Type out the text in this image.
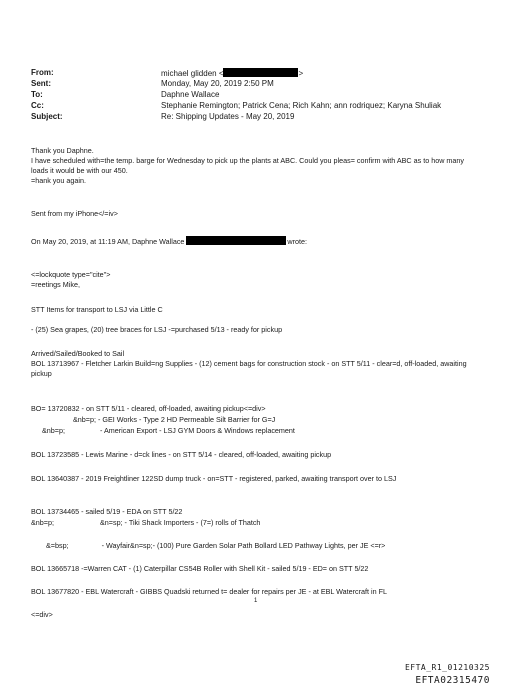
From:	michael glidden <	>
Sent:	Monday, May 20, 2019 2:50 PM
To:	Daphne Wallace
Cc:	Stephanie Remington; Patrick Cena; Rich Kahn; ann rodriquez; Karyna Shuliak
Subject:	Re: Shipping Updates - May 20, 2019
Thank you Daphne.
I have scheduled with=the temp. barge for Wednesday to pick up the plants at ABC. Could you pleas= confirm with ABC as to how many loads it would be with our 450.
=hank you again.
Sent from my iPhone</=iv>
On May 20, 2019, at 11:19 AM, Daphne Wallace	wrote:
<=lockquote type="cite">
=reetings Mike,
STT Items for transport to LSJ via Little C
- (25) Sea grapes, (20) tree braces for LSJ -=purchased 5/13 - ready for pickup
Arrived/Sailed/Booked to Sail
BOL 13713967 - Fletcher Larkin Build=ng Supplies - (12) cement bags for construction stock - on STT 5/11 - clear=d, off-loaded, awaiting pickup
BO= 13720832 - on STT 5/11 - cleared, off-loaded, awaiting pickup<=div>
&nb=p; - GEI Works - Type 2 HD Permeable Silt Barrier for G=J
&nb=p;	- American Export - LSJ GYM Doors & Windows replacement
BOL 13723585 - Lewis Marine - d=ck lines - on STT 5/14 - cleared, off-loaded, awaiting pickup
BOL 13640387 - 2019 Freightliner 122SD dump truck - on=STT - registered, parked, awaiting transport over to LSJ
BOL 13734465 - sailed 5/19 - EDA on STT 5/22
&nb=p;	&n=sp; - Tiki Shack Importers - (7=) rolls of Thatch
&=bsp;	- Wayfair&n=sp;- (100) Pure Garden Solar Path Bollard LED Pathway Lights, per JE <=r>
BOL 13665718 -=Warren CAT - (1) Caterpillar CS54B Roller with Shell Kit - sailed 5/19 - ED= on STT 5/22
BOL 13677820 - EBL Watercraft - GIBBS Quadski returned t= dealer for repairs per JE - at EBL Watercraft in FL
<=div>
1
EFTA_R1_01210325
EFTA02315470
